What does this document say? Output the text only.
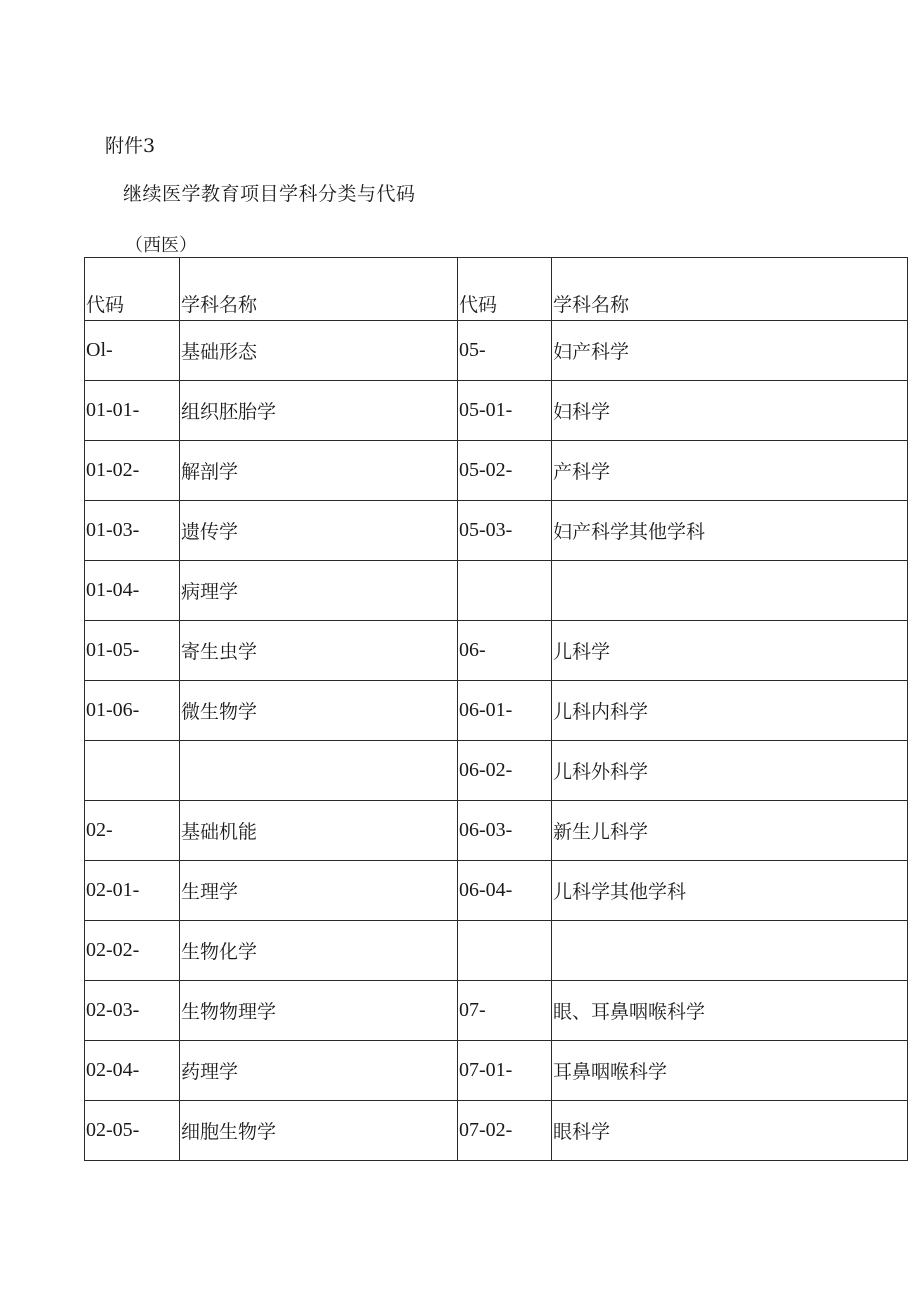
附件3
继续医学教育项目学科分类与代码
（西医）
代码	学科名称	代码	学科名称
Ol-	基础形态	05-	妇产科学
01-01-	组织胚胎学	05-01-	妇科学
01-02-	解剖学	05-02-	产科学
01-03-	遗传学	05-03-	妇产科学其他学科
01-04-	病理学		
01-05-	寄生虫学	06-	儿科学
01-06-	微生物学	06-01-	儿科内科学
		06-02-	儿科外科学
02-	基础机能	06-03-	新生儿科学
02-01-	生理学	06-04-	儿科学其他学科
02-02-	生物化学		
02-03-	生物物理学	07-	眼、耳鼻咽喉科学
02-04-	药理学	07-01-	耳鼻咽喉科学
02-05-	细胞生物学	07-02-	眼科学
